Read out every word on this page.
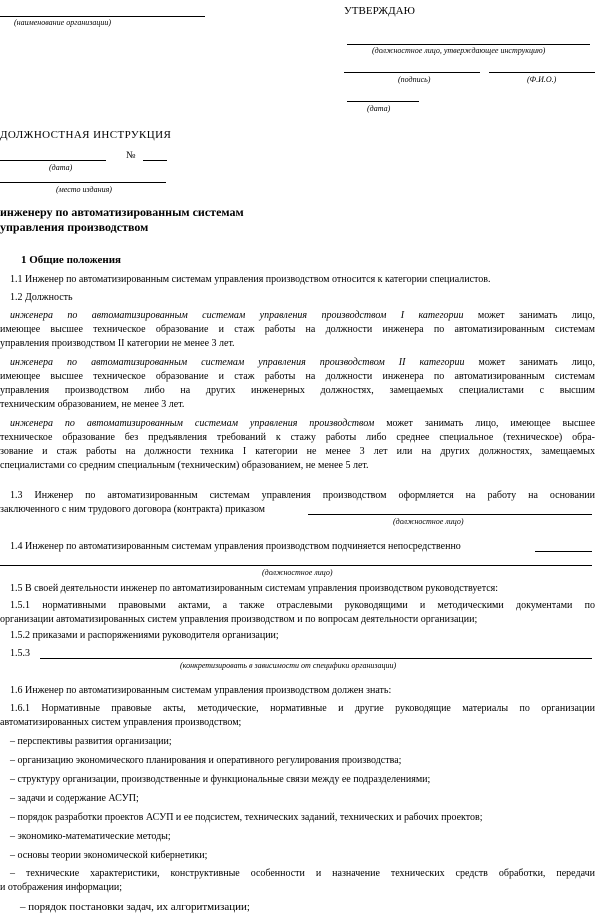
(наименование организации)
УТВЕРЖДАЮ
(должностное лицо, утверждающее инструкцию)
(подпись)	(Ф.И.О.)
(дата)
ДОЛЖНОСТНАЯ ИНСТРУКЦИЯ
№
(дата)
(место издания)
инженеру по автоматизированным системам
управления производством
1 Общие положения
1.1 Инженер по автоматизированным системам управления производством относится к категории специалистов.
1.2 Должность
инженера по автоматизированным системам управления производством I категории может занимать лицо,
имеющее высшее техническое образование и стаж работы на должности инженера по автоматизированным системам
управления производством II категории не менее 3 лет.
инженера по автоматизированным системам управления производством II категории может занимать лицо,
имеющее высшее техническое образование и стаж работы на должности инженера по автоматизированным системам
управления производством либо на других инженерных должностях, замещаемых специалистами с высшим
техническим образованием, не менее 3 лет.
инженера по автоматизированным системам управления производством может занимать лицо, имеющее высшее
техническое образование без предъявления требований к стажу работы либо среднее специальное (техническое) обра-
зование и стаж работы на должности техника I категории не менее 3 лет или на других должностях, замещаемых
специалистами со средним специальным (техническим) образованием, не менее 5 лет.
1.3 Инженер по автоматизированным системам управления производством оформляется на работу на основании
заключенного с ним трудового договора (контракта) приказом
(должностное лицо)
1.4 Инженер по автоматизированным системам управления производством подчиняется непосредственно
(должностное лицо)
1.5 В своей деятельности инженер по автоматизированным системам управления производством руководствуется:
1.5.1 нормативными правовыми актами, а также отраслевыми руководящими и методическими документами по
организации автоматизированных систем управления производством и по вопросам деятельности организации;
1.5.2 приказами и распоряжениями руководителя организации;
1.5.3
(конкретизировать в зависимости от специфики организации)
1.6 Инженер по автоматизированным системам управления производством должен знать:
1.6.1 Нормативные правовые акты, методические, нормативные и другие руководящие материалы по организации
автоматизированных систем управления производством;
– перспективы развития организации;
– организацию экономического планирования и оперативного регулирования производства;
– структуру организации, производственные и функциональные связи между ее подразделениями;
– задачи и содержание АСУП;
– порядок разработки проектов АСУП и ее подсистем, технических заданий, технических и рабочих проектов;
– экономико-математические методы;
– основы теории экономической кибернетики;
– технические характеристики, конструктивные особенности и назначение технических средств обработки, передачи
и отображения информации;
– порядок постановки задач, их алгоритмизации;
